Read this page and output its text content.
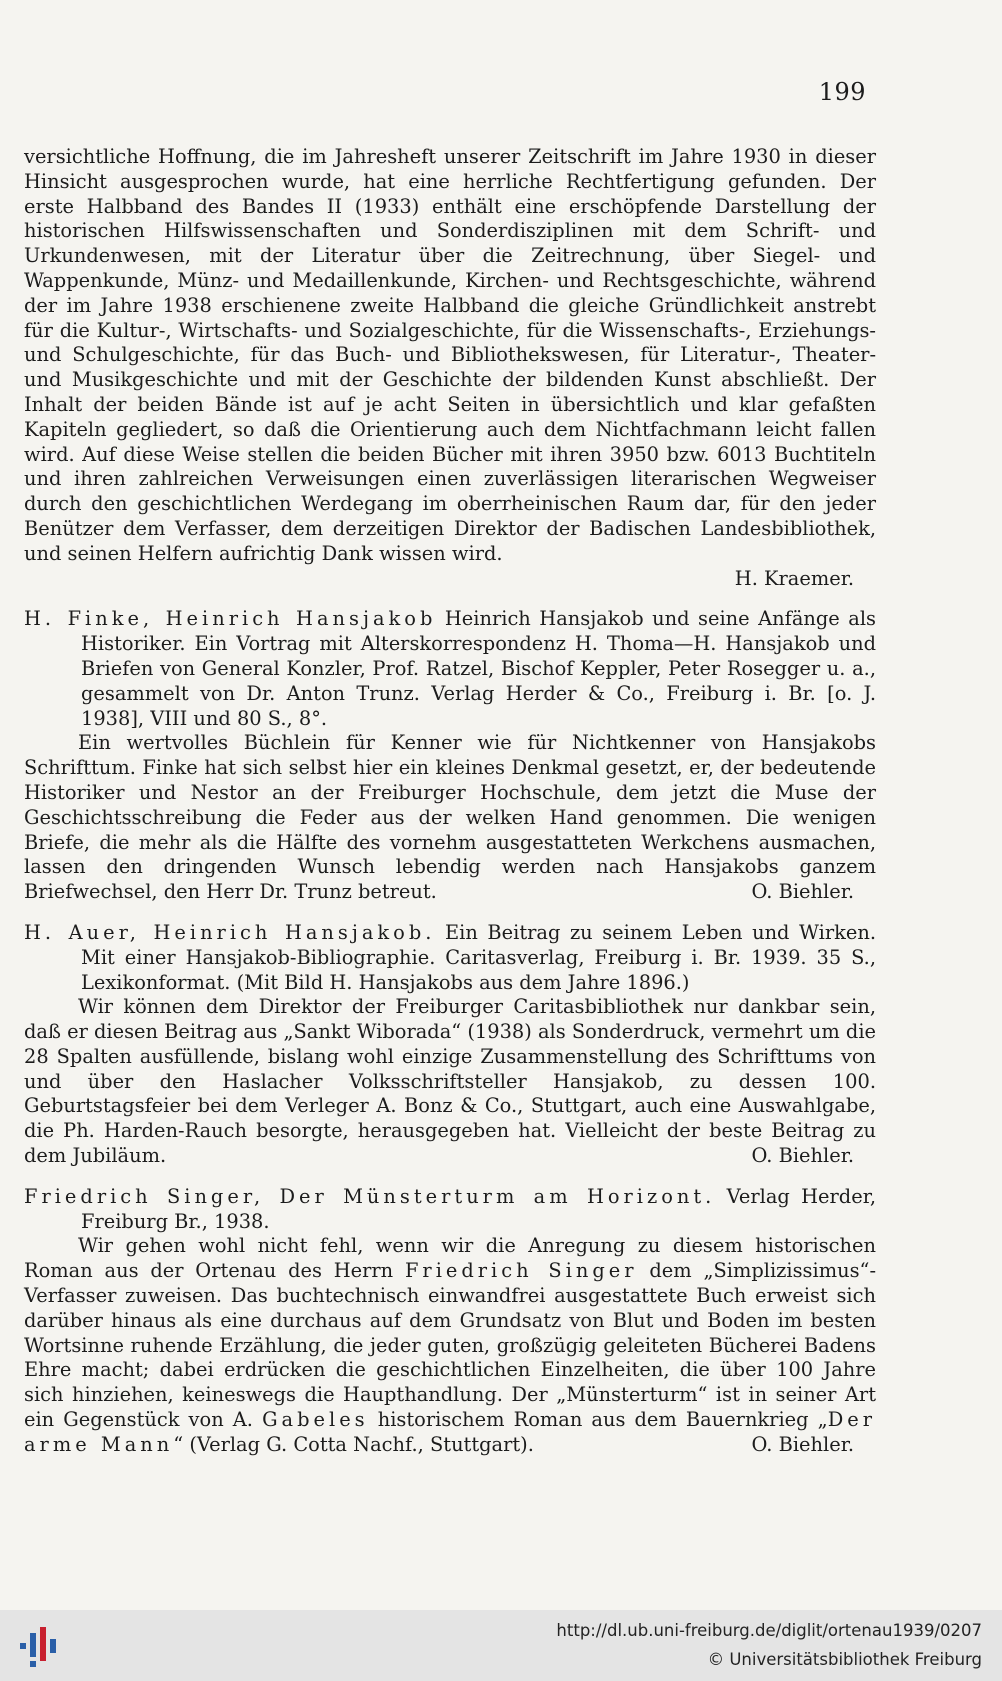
199

versichtliche Hoffnung, die im Jahresheft unserer Zeitschrift im Jahre 1930 in dieser Hinsicht ausgesprochen wurde, hat eine herrliche Rechtfertigung gefunden. Der erste Halbband des Bandes II (1933) enthält eine erschöpfende Darstellung der historischen Hilfswissenschaften und Sonderdisziplinen mit dem Schrift- und Urkundenwesen, mit der Literatur über die Zeitrechnung, über Siegel- und Wappenkunde, Münz- und Medaillenkunde, Kirchen- und Rechtsgeschichte, während der im Jahre 1938 erschienene zweite Halbband die gleiche Gründlichkeit anstrebt für die Kultur-, Wirtschafts- und Sozialgeschichte, für die Wissenschafts-, Erziehungs- und Schulgeschichte, für das Buch- und Bibliothekswesen, für Literatur-, Theater- und Musikgeschichte und mit der Geschichte der bildenden Kunst abschließt. Der Inhalt der beiden Bände ist auf je acht Seiten in übersichtlich und klar gefaßten Kapiteln gegliedert, so daß die Orientierung auch dem Nichtfachmann leicht fallen wird. Auf diese Weise stellen die beiden Bücher mit ihren 3950 bzw. 6013 Buchtiteln und ihren zahlreichen Verweisungen einen zuverlässigen literarischen Wegweiser durch den geschichtlichen Werdegang im oberrheinischen Raum dar, für den jeder Benützer dem Verfasser, dem derzeitigen Direktor der Badischen Landesbibliothek, und seinen Helfern aufrichtig Dank wissen wird.

H. Kraemer.

H. Finke, Heinrich Hansjakob Heinrich Hansjakob und seine Anfänge als Historiker. Ein Vortrag mit Alterskorrespondenz H. Thoma—H. Hansjakob und Briefen von General Konzler, Prof. Ratzel, Bischof Keppler, Peter Rosegger u. a., gesammelt von Dr. Anton Trunz. Verlag Herder & Co., Freiburg i. Br. [o. J. 1938], VIII und 80 S., 8°.

Ein wertvolles Büchlein für Kenner wie für Nichtkenner von Hansjakobs Schrifttum. Finke hat sich selbst hier ein kleines Denkmal gesetzt, er, der bedeutende Historiker und Nestor an der Freiburger Hochschule, dem jetzt die Muse der Geschichtsschreibung die Feder aus der welken Hand genommen. Die wenigen Briefe, die mehr als die Hälfte des vornehm ausgestatteten Werkchens ausmachen, lassen den dringenden Wunsch lebendig werden nach Hansjakobs ganzem Briefwechsel, den Herr Dr. Trunz betreut.	O. Biehler.

H. Auer, Heinrich Hansjakob. Ein Beitrag zu seinem Leben und Wirken. Mit einer Hansjakob-Bibliographie. Caritasverlag, Freiburg i. Br. 1939. 35 S., Lexikonformat. (Mit Bild H. Hansjakobs aus dem Jahre 1896.)

Wir können dem Direktor der Freiburger Caritasbibliothek nur dankbar sein, daß er diesen Beitrag aus „Sankt Wiborada“ (1938) als Sonderdruck, vermehrt um die 28 Spalten ausfüllende, bislang wohl einzige Zusammenstellung des Schrifttums von und über den Haslacher Volksschriftsteller Hansjakob, zu dessen 100. Geburtstagsfeier bei dem Verleger A. Bonz & Co., Stuttgart, auch eine Auswahlgabe, die Ph. Harden-Rauch besorgte, herausgegeben hat. Vielleicht der beste Beitrag zu dem Jubiläum.	O. Biehler.

Friedrich Singer, Der Münsterturm am Horizont. Verlag Herder, Freiburg Br., 1938.

Wir gehen wohl nicht fehl, wenn wir die Anregung zu diesem historischen Roman aus der Ortenau des Herrn Friedrich Singer dem „Simplizissimus“-Verfasser zuweisen. Das buchtechnisch einwandfrei ausgestattete Buch erweist sich darüber hinaus als eine durchaus auf dem Grundsatz von Blut und Boden im besten Wortsinne ruhende Erzählung, die jeder guten, großzügig geleiteten Bücherei Badens Ehre macht; dabei erdrücken die geschichtlichen Einzelheiten, die über 100 Jahre sich hinziehen, keineswegs die Haupthandlung. Der „Münsterturm“ ist in seiner Art ein Gegenstück von A. Gabeles historischem Roman aus dem Bauernkrieg „Der arme Mann“ (Verlag G. Cotta Nachf., Stuttgart).	O. Biehler.

http://dl.ub.uni-freiburg.de/diglit/ortenau1939/0207
© Universitätsbibliothek Freiburg
